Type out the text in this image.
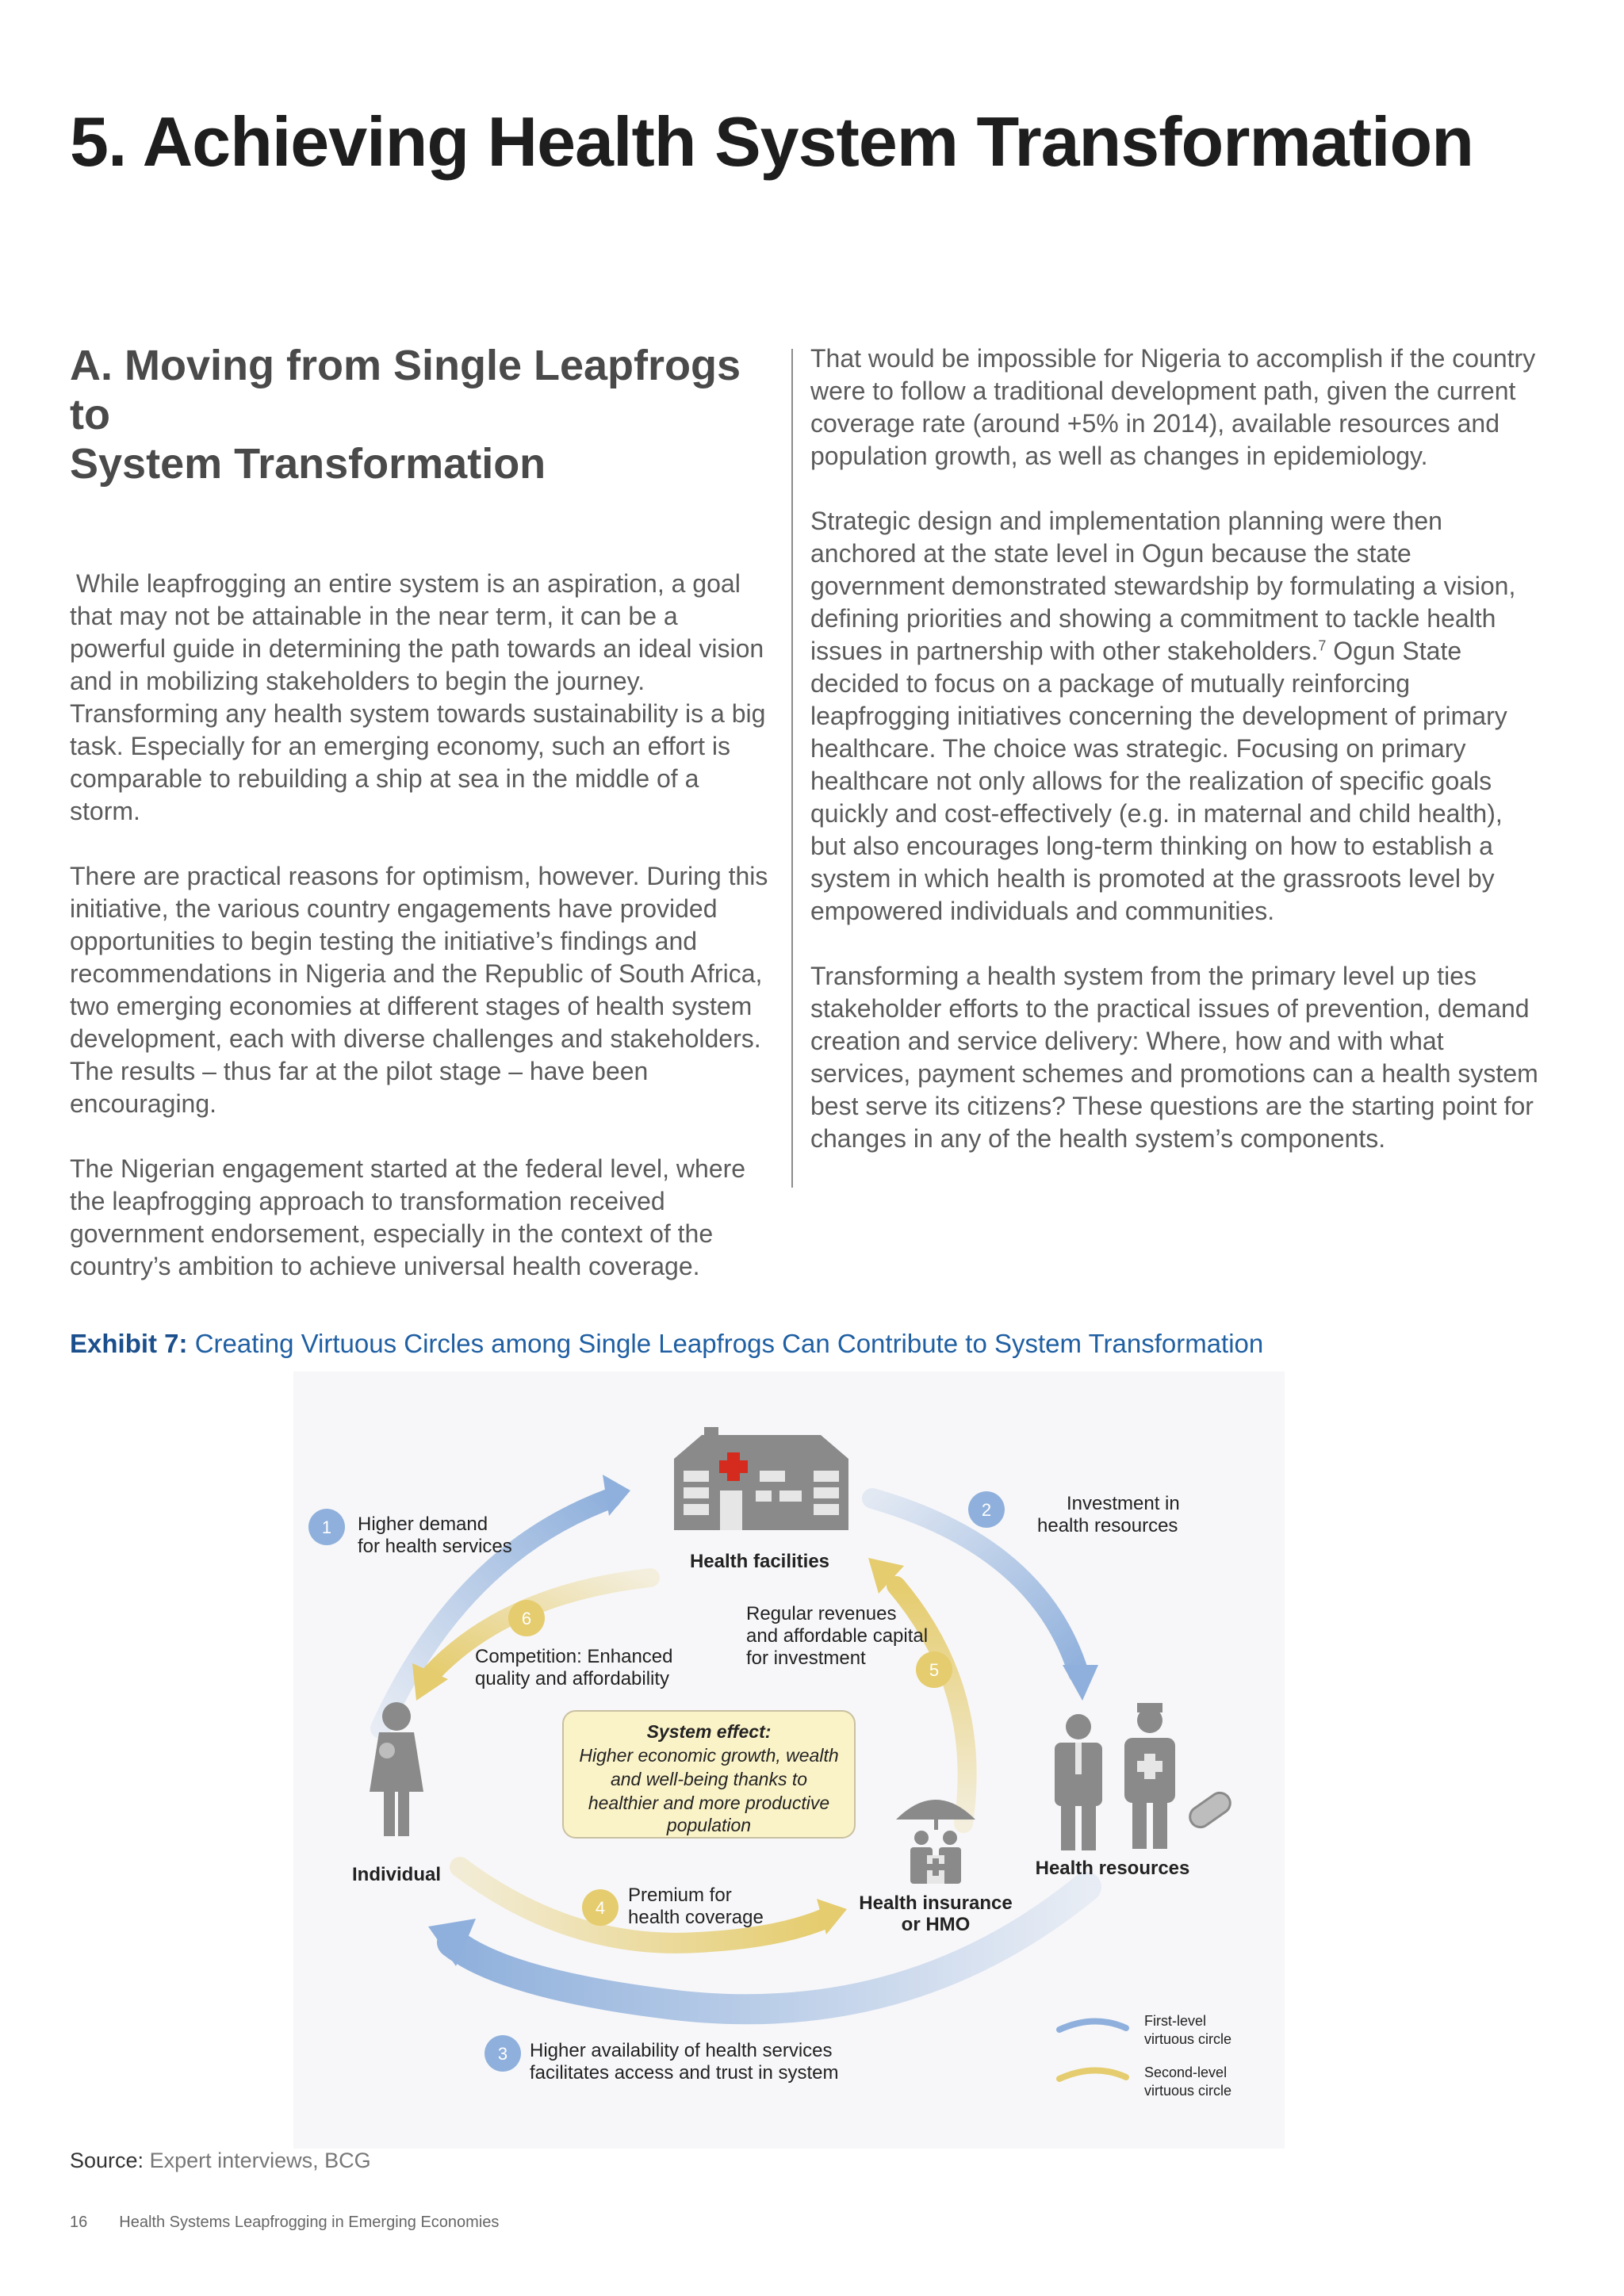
5. Achieving Health System Transformation
A. Moving from Single Leapfrogs to
System Transformation

While leapfrogging an entire system is an aspiration, a goal that may not be attainable in the near term, it can be a powerful guide in determining the path towards an ideal vision and in mobilizing stakeholders to begin the journey. Transforming any health system towards sustainability is a big task. Especially for an emerging economy, such an effort is comparable to rebuilding a ship at sea in the middle of a storm.

There are practical reasons for optimism, however. During this initiative, the various country engagements have provided opportunities to begin testing the initiative’s findings and recommendations in Nigeria and the Republic of South Africa, two emerging economies at different stages of health system development, each with diverse challenges and stakeholders. The results – thus far at the pilot stage – have been encouraging.

The Nigerian engagement started at the federal level, where the leapfrogging approach to transformation received government endorsement, especially in the context of the country’s ambition to achieve universal health coverage.

That would be impossible for Nigeria to accomplish if the country were to follow a traditional development path, given the current coverage rate (around +5% in 2014), available resources and population growth, as well as changes in epidemiology.

Strategic design and implementation planning were then anchored at the state level in Ogun because the state government demonstrated stewardship by formulating a vision, defining priorities and showing a commitment to tackle health issues in partnership with other stakeholders.$^7$ Ogun State decided to focus on a package of mutually reinforcing leapfrogging initiatives concerning the development of primary healthcare. The choice was strategic. Focusing on primary healthcare not only allows for the realization of specific goals quickly and cost-effectively (e.g. in maternal and child health), but also encourages long-term thinking on how to establish a system in which health is promoted at the grassroots level by empowered individuals and communities.

Transforming a health system from the primary level up ties stakeholder efforts to the practical issues of prevention, demand creation and service delivery: Where, how and with what services, payment schemes and promotions can a health system best serve its citizens? These questions are the starting point for changes in any of the health system’s components.

Exhibit 7: Creating Virtuous Circles among Single Leapfrogs Can Contribute to System Transformation

Health facilities
Health resources
Health insurance
or HMO
Individual
System effect:
Higher economic growth, wealth
and well-being thanks to
healthier and more productive
population
1 Higher demand
for health services
2	Investment in
health resources
3 Higher availability of health services
facilitates access and trust in system
4
Premium for
health coverage
5
Regular revenues
and affordable capital
for investment
6
Competition: Enhanced
quality and affordability
First-level
virtuous circle
Second-level
virtuous circle
Source: Expert interviews, BCG
16 Health Systems Leapfrogging in Emerging Economies
